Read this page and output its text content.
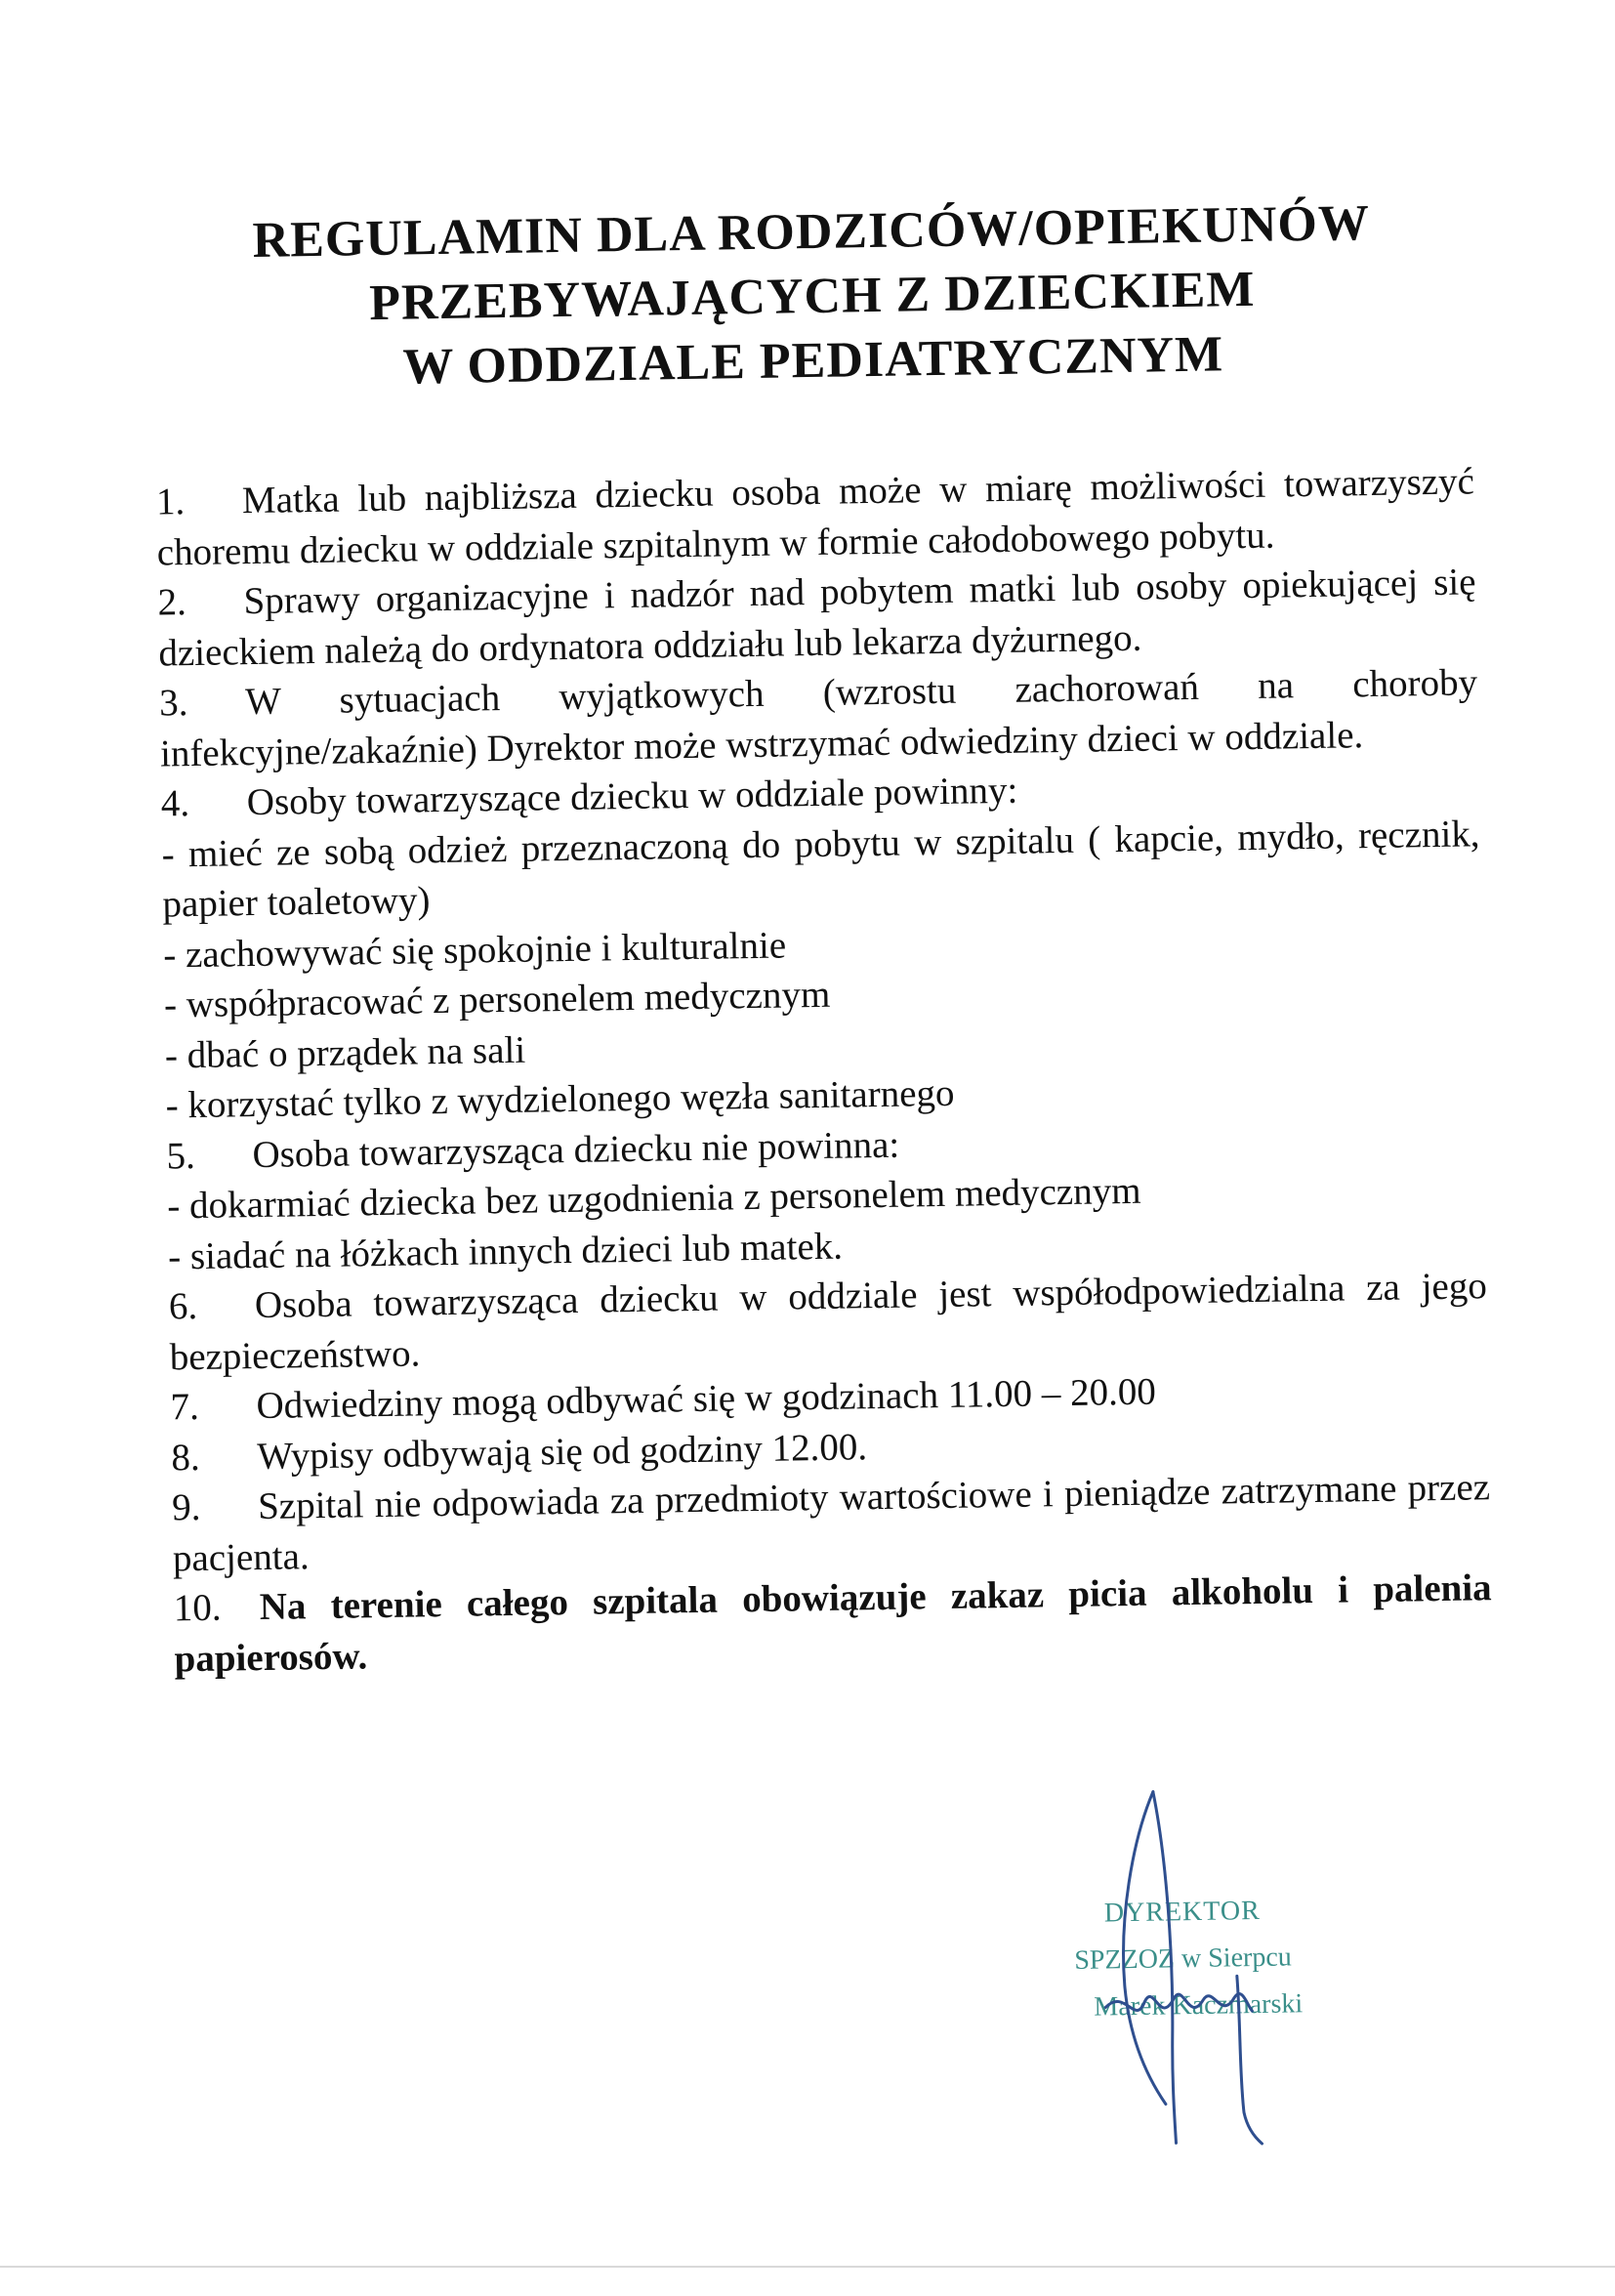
REGULAMIN DLA RODZICÓW/OPIEKUNÓW
PRZEBYWAJĄCYCH Z DZIECKIEM
W ODDZIALE PEDIATRYCZNYM

1. Matka lub najbliższa dziecku osoba może w miarę możliwości towarzyszyć choremu dziecku w oddziale szpitalnym w formie całodobowego pobytu.

2. Sprawy organizacyjne i nadzór nad pobytem matki lub osoby opiekującej się dzieckiem należą do ordynatora oddziału lub lekarza dyżurnego.

3. W sytuacjach wyjątkowych (wzrostu zachorowań na choroby infekcyjne/zakaźnie) Dyrektor może wstrzymać odwiedziny dzieci w oddziale.

4. Osoby towarzyszące dziecku w oddziale powinny:

- mieć ze sobą odzież przeznaczoną do pobytu w szpitalu ( kapcie, mydło, ręcznik, papier toaletowy)

- zachowywać się spokojnie i kulturalnie

- współpracować z personelem medycznym

- dbać o prządek na sali

- korzystać tylko z wydzielonego węzła sanitarnego

5. Osoba towarzysząca dziecku nie powinna:

- dokarmiać dziecka bez uzgodnienia z personelem medycznym

- siadać na łóżkach innych dzieci lub matek.

6. Osoba towarzysząca dziecku w oddziale jest współodpowiedzialna za jego bezpieczeństwo.

7. Odwiedziny mogą odbywać się w godzinach 11.00 – 20.00

8. Wypisy odbywają się od godziny 12.00.

9. Szpital nie odpowiada za przedmioty wartościowe i pieniądze zatrzymane przez pacjenta.

10. Na terenie całego szpitala obowiązuje zakaz picia alkoholu i palenia papierosów.

DYREKTOR
SPZZOZ w Sierpcu
Marek Kaczmarski
